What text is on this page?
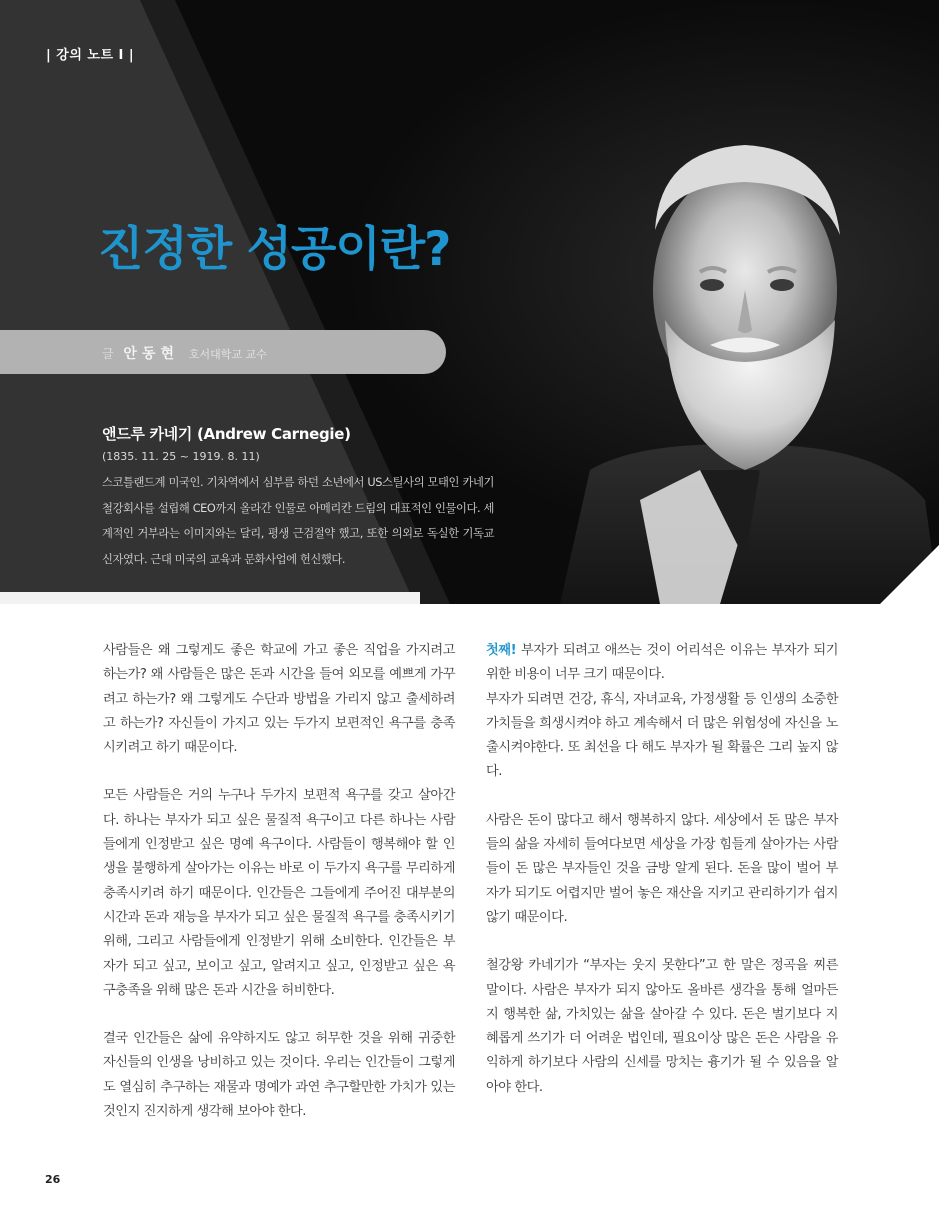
| 강의 노트 I |
진정한 성공이란?
글 안동현 호서대학교 교수
앤드루 카네기 (Andrew Carnegie)
(1835. 11. 25 ~ 1919. 8. 11)

스코틀랜드계 미국인. 기차역에서 심부름 하던 소년에서 US스틸사의 모태인 카네기철강회사를 설립해 CEO까지 올라간 인물로 아메리칸 드림의 대표적인 인물이다. 세계적인 거부라는 이미지와는 달리, 평생 근검절약 했고, 또한 의외로 독실한 기독교 신자였다. 근대 미국의 교육과 문화사업에 헌신했다.

사람들은 왜 그렇게도 좋은 학교에 가고 좋은 직업을 가지려고 하는가? 왜 사람들은 많은 돈과 시간을 들여 외모를 예쁘게 가꾸려고 하는가? 왜 그렇게도 수단과 방법을 가리지 않고 출세하려고 하는가? 자신들이 가지고 있는 두가지 보편적인 욕구를 충족시키려고 하기 때문이다.

모든 사람들은 거의 누구나 두가지 보편적 욕구를 갖고 살아간다. 하나는 부자가 되고 싶은 물질적 욕구이고 다른 하나는 사람들에게 인정받고 싶은 명예 욕구이다. 사람들이 행복해야 할 인생을 불행하게 살아가는 이유는 바로 이 두가지 욕구를 무리하게 충족시키려 하기 때문이다. 인간들은 그들에게 주어진 대부분의 시간과 돈과 재능을 부자가 되고 싶은 물질적 욕구를 충족시키기 위해, 그리고 사람들에게 인정받기 위해 소비한다. 인간들은 부자가 되고 싶고, 보이고 싶고, 알려지고 싶고, 인정받고 싶은 욕구충족을 위해 많은 돈과 시간을 허비한다.

결국 인간들은 삶에 유약하지도 않고 허무한 것을 위해 귀중한 자신들의 인생을 낭비하고 있는 것이다. 우리는 인간들이 그렇게도 열심히 추구하는 재물과 명예가 과연 추구할만한 가치가 있는 것인지 진지하게 생각해 보아야 한다.

첫째! 부자가 되려고 애쓰는 것이 어리석은 이유는 부자가 되기 위한 비용이 너무 크기 때문이다.

부자가 되려면 건강, 휴식, 자녀교육, 가정생활 등 인생의 소중한 가치들을 희생시켜야 하고 계속해서 더 많은 위험성에 자신을 노출시켜야한다. 또 최선을 다 해도 부자가 될 확률은 그리 높지 않다.

사람은 돈이 많다고 해서 행복하지 않다. 세상에서 돈 많은 부자들의 삶을 자세히 들여다보면 세상을 가장 힘들게 살아가는 사람들이 돈 많은 부자들인 것을 금방 알게 된다. 돈을 많이 벌어 부자가 되기도 어렵지만 벌어 놓은 재산을 지키고 관리하기가 쉽지 않기 때문이다.

철강왕 카네기가 “부자는 웃지 못한다”고 한 말은 정곡을 찌른 말이다. 사람은 부자가 되지 않아도 올바른 생각을 통해 얼마든지 행복한 삶, 가치있는 삶을 살아갈 수 있다. 돈은 벌기보다 지혜롭게 쓰기가 더 어려운 법인데, 필요이상 많은 돈은 사람을 유익하게 하기보다 사람의 신세를 망치는 흉기가 될 수 있음을 알아야 한다.

26
